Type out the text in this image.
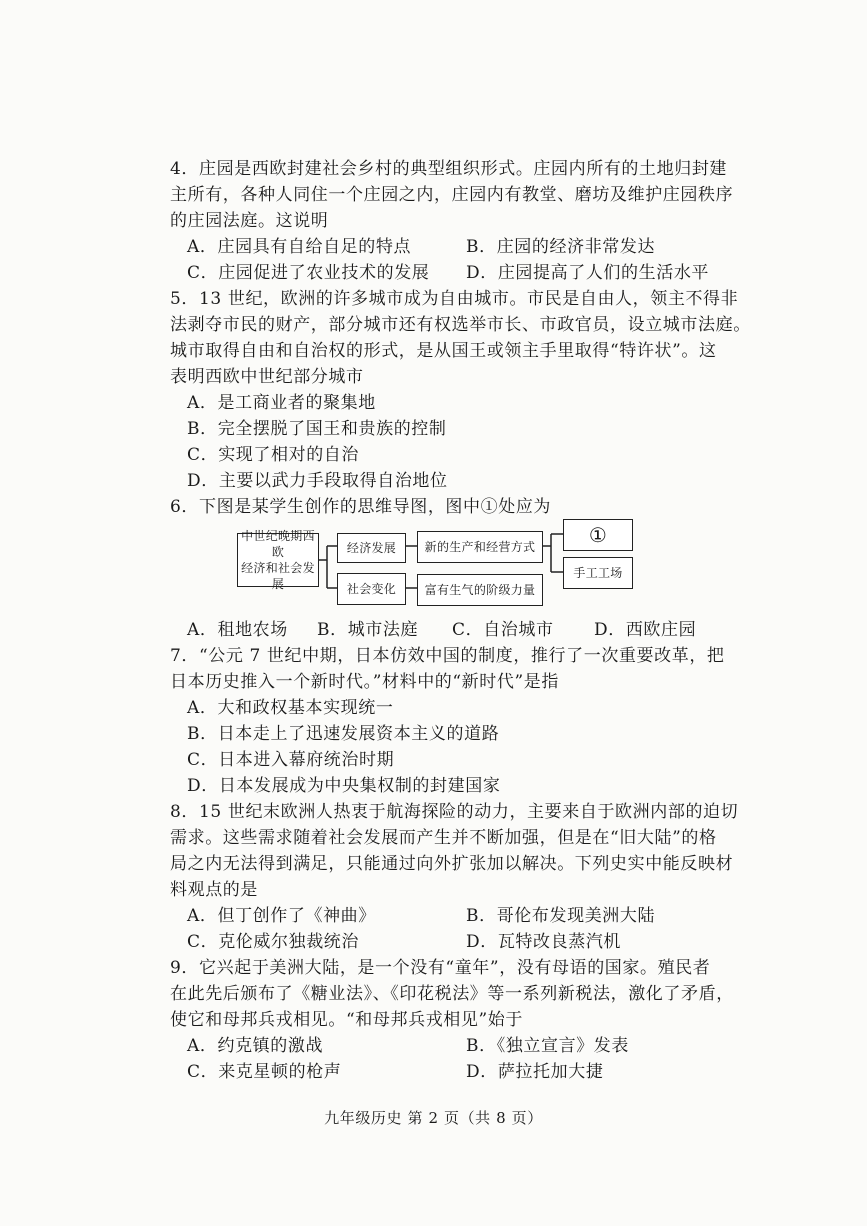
4．庄园是西欧封建社会乡村的典型组织形式。庄园内所有的土地归封建
主所有，各种人同住一个庄园之内，庄园内有教堂、磨坊及维护庄园秩序
的庄园法庭。这说明
A．庄园具有自给自足的特点	B．庄园的经济非常发达
C．庄园促进了农业技术的发展 D．庄园提高了人们的生活水平
5．13 世纪，欧洲的许多城市成为自由城市。市民是自由人，领主不得非
法剥夺市民的财产，部分城市还有权选举市长、市政官员，设立城市法庭。
城市取得自由和自治权的形式，是从国王或领主手里取得“特许状”。这
表明西欧中世纪部分城市
A．是工商业者的聚集地
B．完全摆脱了国王和贵族的控制
C．实现了相对的自治
D．主要以武力手段取得自治地位
6．下图是某学生创作的思维导图，图中①处应为
中世纪晚期西欧
经济和社会发展
经济发展	新的生产和经营方式	①
社会变化	富有生气的阶级力量
手工工场
A．租地农场 B．城市法庭 C．自治城市 D．西欧庄园
7．“公元 7 世纪中期，日本仿效中国的制度，推行了一次重要改革，把
日本历史推入一个新时代。”材料中的“新时代”是指
A．大和政权基本实现统一
B．日本走上了迅速发展资本主义的道路
C．日本进入幕府统治时期
D．日本发展成为中央集权制的封建国家
8．15 世纪末欧洲人热衷于航海探险的动力，主要来自于欧洲内部的迫切
需求。这些需求随着社会发展而产生并不断加强，但是在“旧大陆”的格
局之内无法得到满足，只能通过向外扩张加以解决。下列史实中能反映材
料观点的是
A．但丁创作了《神曲》	B．哥伦布发现美洲大陆
C．克伦威尔独裁统治	D．瓦特改良蒸汽机
9．它兴起于美洲大陆，是一个没有“童年”，没有母语的国家。殖民者
在此先后颁布了《糖业法》、《印花税法》等一系列新税法，激化了矛盾，
使它和母邦兵戎相见。“和母邦兵戎相见”始于
A．约克镇的激战	B．《独立宣言》发表
C．来克星顿的枪声	D．萨拉托加大捷
九年级历史 第 2 页（共 8 页）
